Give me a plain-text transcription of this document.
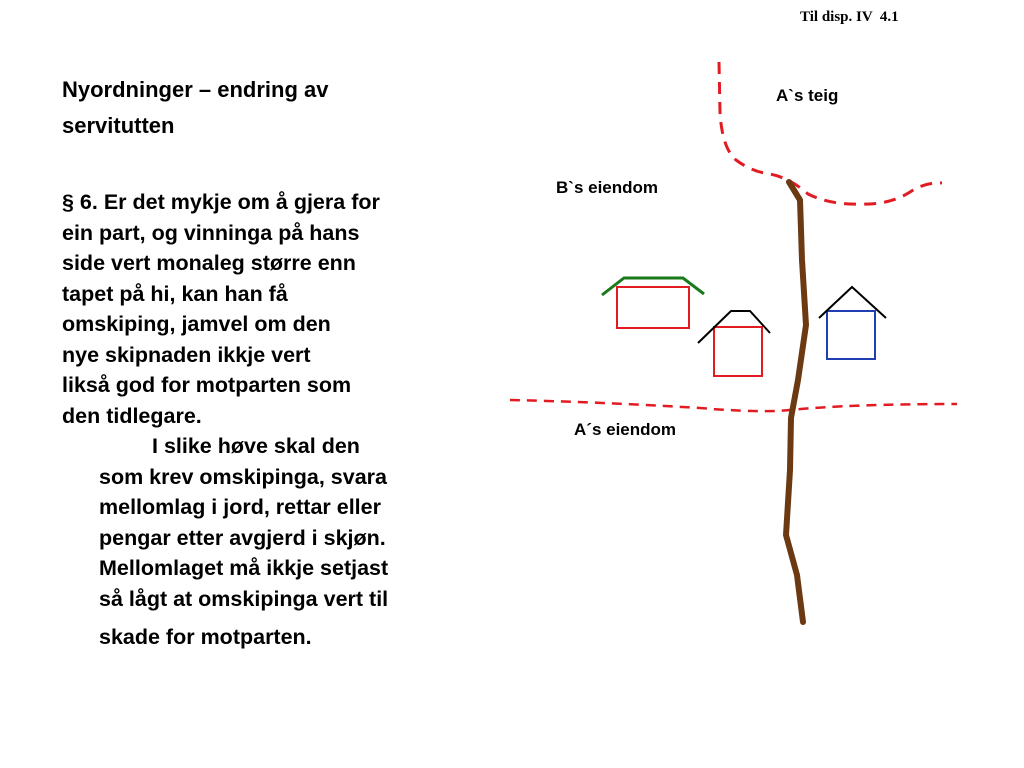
Til disp. IV  4.1
Nyordninger – endring av
servitutten
§ 6. Er det mykje om å gjera for
ein part, og vinninga på hans
side vert monaleg større enn
tapet på hi, kan han få
omskiping, jamvel om den
nye skipnaden ikkje vert
likså god for motparten som
den tidlegare.
I slike høve skal den
som krev omskipinga, svara
mellomlag i jord, rettar eller
pengar etter avgjerd i skjøn.
Mellomlaget må ikkje setjast
så lågt at omskipinga vert til
skade for motparten.
A`s teig
B`s eiendom
A´s eiendom
